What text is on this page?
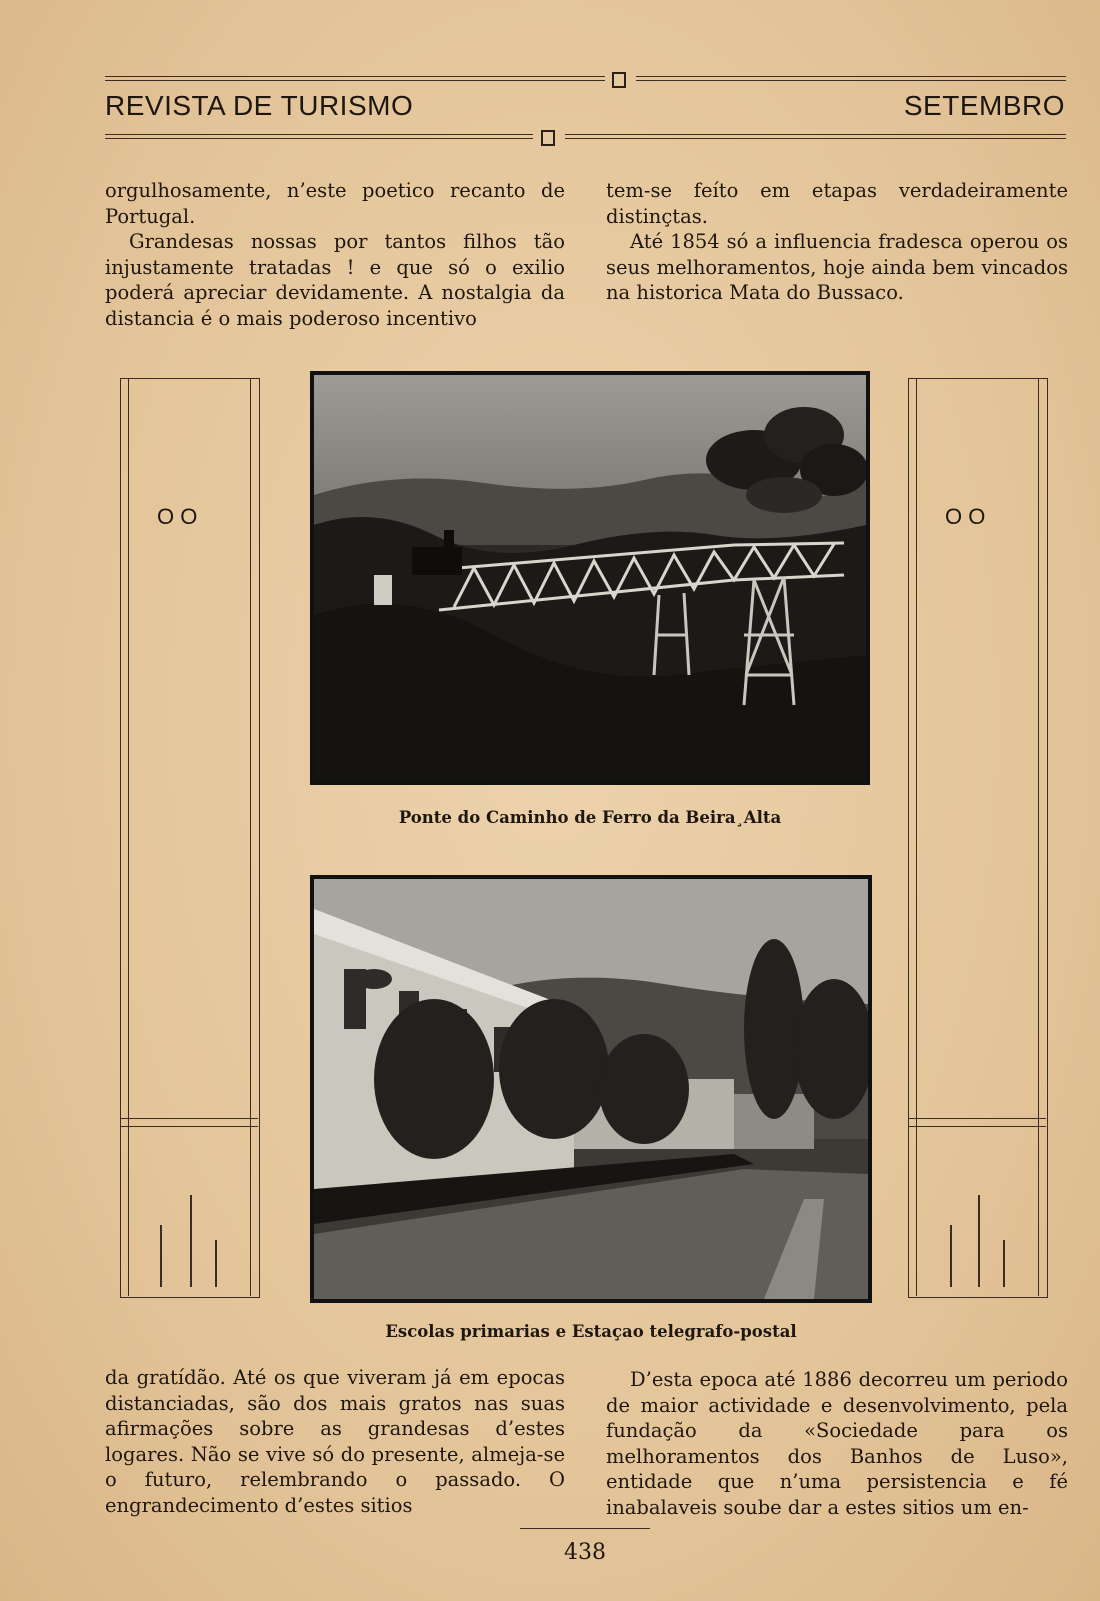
REVISTA DE TURISMO	SETEMBRO

orgulhosamente, n’este poetico recanto de Portugal.

Grandesas nossas por tantos filhos tão injustamente tratadas ! e que só o exilio poderá apreciar devidamente. A nostalgia da distancia é o mais poderoso incentivo

tem-se feíto em etapas verdadeiramente distinçtas.

Até 1854 só a influencia fradesca operou os seus melhoramentos, hoje ainda bem vincados na historica Mata do Bussaco.

O O	O O
Ponte do Caminho de Ferro da Beira¸Alta
Escolas primarias e Estaçao telegrafo-postal

da gratídão. Até os que viveram já em epocas distanciadas, são dos mais gratos nas suas afirmações sobre as grandesas d’estes logares. Não se vive só do presente, almeja-se o futuro, relembrando o passado. O engrandecimento d’estes sitios

D’esta epoca até 1886 decorreu um periodo de maior actividade e desenvolvimento, pela fundação da «Sociedade para os melhoramentos dos Banhos de Luso», entidade que n’uma persistencia e fé inabalaveis soube dar a estes sitios um en-

438
